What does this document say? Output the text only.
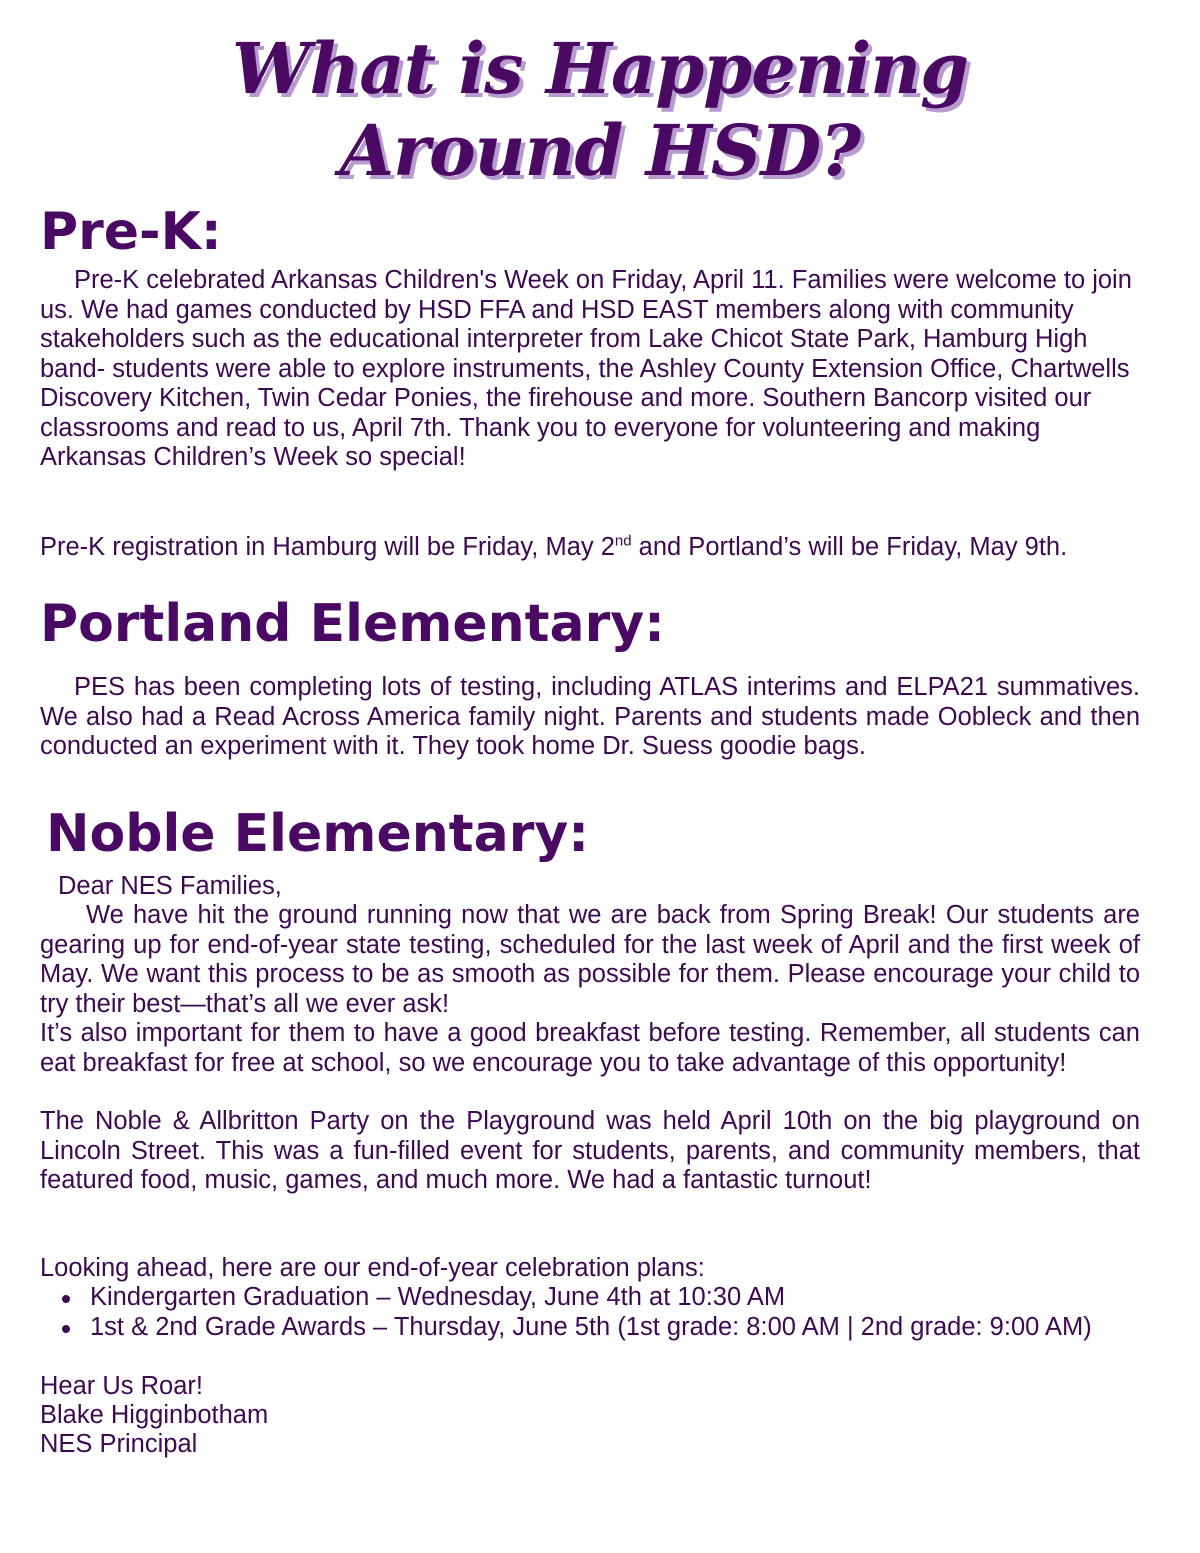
What is Happening
Around HSD?
Pre-K:

Pre-K celebrated Arkansas Children's Week on Friday, April 11. Families were welcome to join us. We had games conducted by HSD FFA and HSD EAST members along with community stakeholders such as the educational interpreter from Lake Chicot State Park, Hamburg High band- students were able to explore instruments, the Ashley County Extension Office, Chartwells Discovery Kitchen, Twin Cedar Ponies, the firehouse and more. Southern Bancorp visited our classrooms and read to us, April 7th. Thank you to everyone for volunteering and making Arkansas Children’s Week so special!

Pre-K registration in Hamburg will be Friday, May 2nd and Portland’s will be Friday, May 9th.

Portland Elementary:

PES has been completing lots of testing, including ATLAS interims and ELPA21 summatives. We also had a Read Across America family night. Parents and students made Oobleck and then conducted an experiment with it. They took home Dr. Suess goodie bags.

Noble Elementary:

Dear NES Families,

We have hit the ground running now that we are back from Spring Break! Our students are gearing up for end-of-year state testing, scheduled for the last week of April and the first week of May. We want this process to be as smooth as possible for them. Please encourage your child to try their best—that’s all we ever ask!

It’s also important for them to have a good breakfast before testing. Remember, all students can eat breakfast for free at school, so we encourage you to take advantage of this opportunity!

The Noble & Allbritton Party on the Playground was held April 10th on the big playground on Lincoln Street. This was a fun-filled event for students, parents, and community members, that featured food, music, games, and much more. We had a fantastic turnout!

Looking ahead, here are our end-of-year celebration plans:

Kindergarten Graduation – Wednesday, June 4th at 10:30 AM
1st & 2nd Grade Awards – Thursday, June 5th (1st grade: 8:00 AM | 2nd grade: 9:00 AM)

Hear Us Roar!

Blake Higginbotham

NES Principal
